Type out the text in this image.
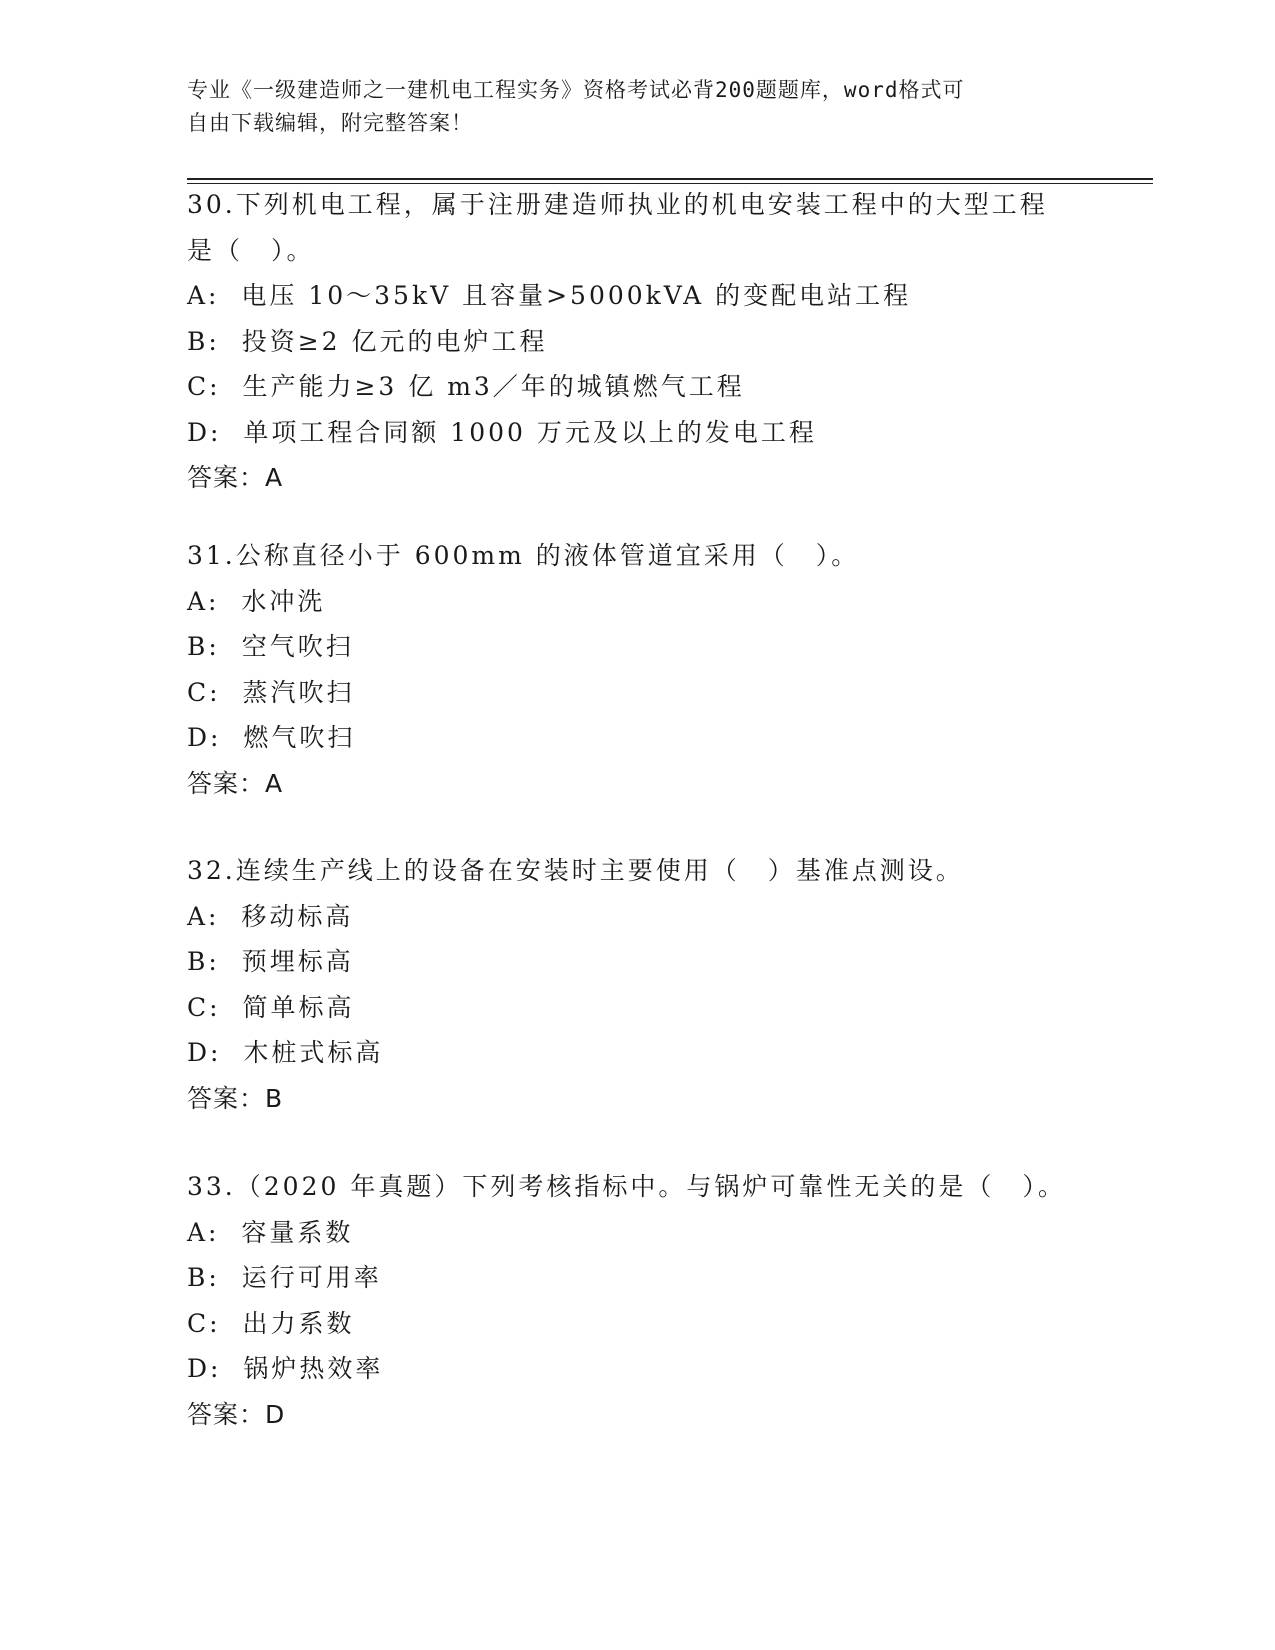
专业《一级建造师之一建机电工程实务》资格考试必背200题题库，word格式可
自由下载编辑，附完整答案！
30.下列机电工程，属于注册建造师执业的机电安装工程中的大型工程
是（　）。
A:  电压 10～35kV 且容量>5000kVA 的变配电站工程
B:  投资≥2 亿元的电炉工程
C:  生产能力≥3 亿 m3／年的城镇燃气工程
D:  单项工程合同额 1000 万元及以上的发电工程
答案：A
31.公称直径小于 600mm 的液体管道宜采用（　）。
A:  水冲洗
B:  空气吹扫
C:  蒸汽吹扫
D:  燃气吹扫
答案：A
32.连续生产线上的设备在安装时主要使用（　）基准点测设。
A:  移动标高
B:  预埋标高
C:  简单标高
D:  木桩式标高
答案：B
33.（2020 年真题）下列考核指标中。与锅炉可靠性无关的是（　）。
A:  容量系数
B:  运行可用率
C:  出力系数
D:  锅炉热效率
答案：D
